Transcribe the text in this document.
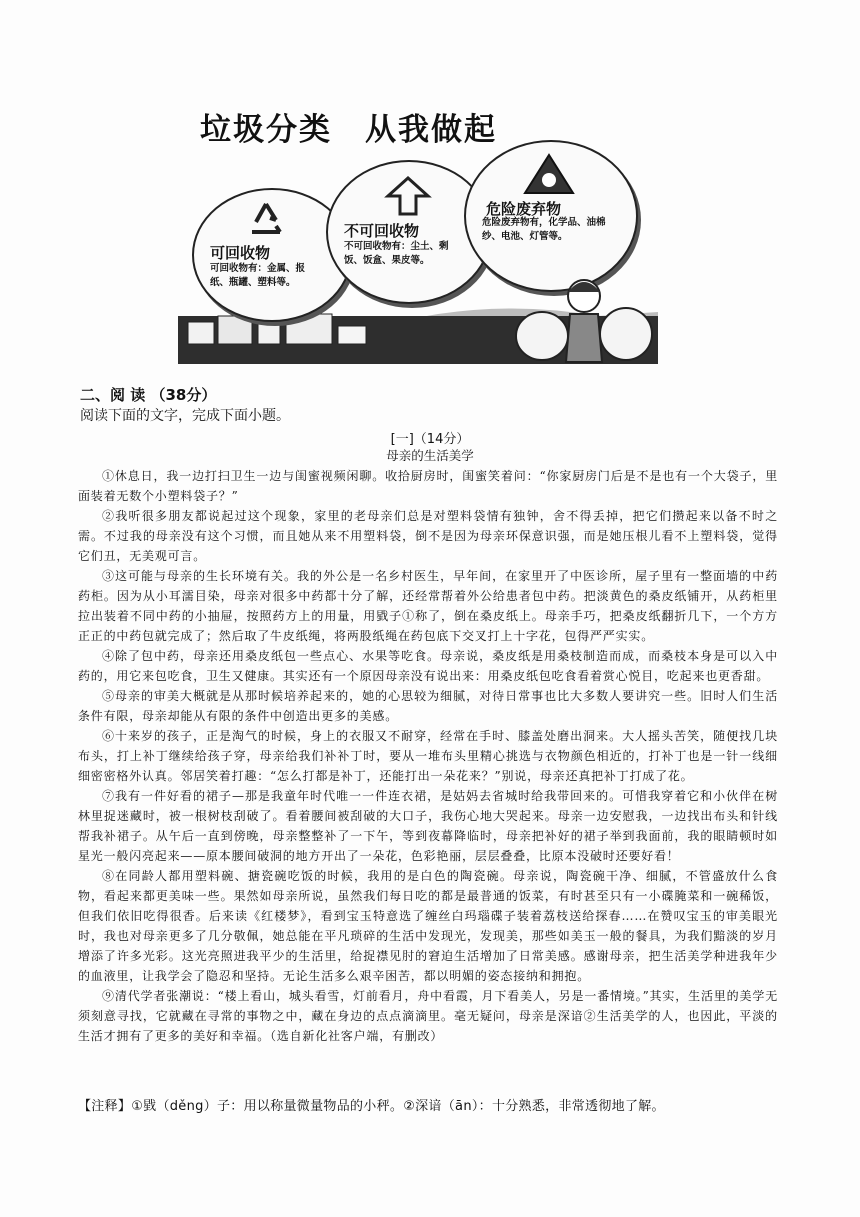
垃圾分类　从我做起
可回收物
可回收物有：金属、报纸、瓶罐、塑料等。
不可回收物
不可回收物有：尘土、剩饭、饭盒、果皮等。
危险废弃物
危险废弃物有，化学品、油棉纱、电池、灯管等。
二、阅 读 （38分）
阅读下面的文字，完成下面小题。
[一]（14分）
母亲的生活美学

①休息日，我一边打扫卫生一边与闺蜜视频闲聊。收拾厨房时，闺蜜笑着问：“你家厨房门后是不是也有一个大袋子，里面装着无数个小塑料袋子？”

②我听很多朋友都说起过这个现象，家里的老母亲们总是对塑料袋情有独钟，舍不得丢掉，把它们攒起来以备不时之需。不过我的母亲没有这个习惯，而且她从来不用塑料袋，倒不是因为母亲环保意识强，而是她压根儿看不上塑料袋，觉得它们丑，无美观可言。

③这可能与母亲的生长环境有关。我的外公是一名乡村医生，早年间，在家里开了中医诊所，屋子里有一整面墙的中药药柜。因为从小耳濡目染，母亲对很多中药都十分了解，还经常帮着外公给患者包中药。把淡黄色的桑皮纸铺开，从药柜里拉出装着不同中药的小抽屉，按照药方上的用量，用戥子①称了，倒在桑皮纸上。母亲手巧，把桑皮纸翻折几下，一个方方正正的中药包就完成了；然后取了牛皮纸绳，将两股纸绳在药包底下交叉打上十字花，包得严严实实。

④除了包中药，母亲还用桑皮纸包一些点心、水果等吃食。母亲说，桑皮纸是用桑枝制造而成，而桑枝本身是可以入中药的，用它来包吃食，卫生又健康。其实还有一个原因母亲没有说出来：用桑皮纸包吃食看着赏心悦目，吃起来也更香甜。

⑤母亲的审美大概就是从那时候培养起来的，她的心思较为细腻，对待日常事也比大多数人要讲究一些。旧时人们生活条件有限，母亲却能从有限的条件中创造出更多的美感。

⑥十来岁的孩子，正是淘气的时候，身上的衣服又不耐穿，经常在手时、膝盖处磨出洞来。大人摇头苦笑，随便找几块布头，打上补丁继续给孩子穿，母亲给我们补补丁时，要从一堆布头里精心挑选与衣物颜色相近的，打补丁也是一针一线细细密密格外认真。邻居笑着打趣：“怎么打都是补丁，还能打出一朵花来？”别说，母亲还真把补丁打成了花。

⑦我有一件好看的裙子—那是我童年时代唯一一件连衣裙，是姑妈去省城时给我带回来的。可惜我穿着它和小伙伴在树林里捉迷藏时，被一根树枝刮破了。看着腰间被刮破的大口子，我伤心地大哭起来。母亲一边安慰我，一边找出布头和针线帮我补裙子。从午后一直到傍晚，母亲整整补了一下午，等到夜幕降临时，母亲把补好的裙子举到我面前，我的眼睛顿时如星光一般闪亮起来——原本腰间破洞的地方开出了一朵花，色彩艳丽，层层叠叠，比原本没破时还要好看！

⑧在同龄人都用塑料碗、搪瓷碗吃饭的时候，我用的是白色的陶瓷碗。母亲说，陶瓷碗干净、细腻，不管盛放什么食物，看起来都更美味一些。果然如母亲所说，虽然我们每日吃的都是最普通的饭菜，有时甚至只有一小碟腌菜和一碗稀饭，但我们依旧吃得很香。后来读《红楼梦》，看到宝玉特意选了缠丝白玛瑙碟子装着荔枝送给探春……在赞叹宝玉的审美眼光时，我也对母亲更多了几分敬佩，她总能在平凡琐碎的生活中发现光，发现美，那些如美玉一般的餐具，为我们黯淡的岁月增添了许多光彩。这光亮照进我平少的生活里，给捉襟见肘的窘迫生活增加了日常美感。感谢母亲，把生活美学种进我年少的血液里，让我学会了隐忍和坚持。无论生活多么艰辛困苦，都以明媚的姿态接纳和拥抱。

⑨清代学者张潮说：“楼上看山，城头看雪，灯前看月，舟中看霞，月下看美人，另是一番情境。”其实，生活里的美学无须刻意寻找，它就藏在寻常的事物之中，藏在身边的点点滴滴里。毫无疑问，母亲是深谙②生活美学的人，也因此，平淡的生活才拥有了更多的美好和幸福。（选自新化社客户端，有删改）

【注释】①戥（děng）子：用以称量微量物品的小秤。②深谙（ān）：十分熟悉，非常透彻地了解。
